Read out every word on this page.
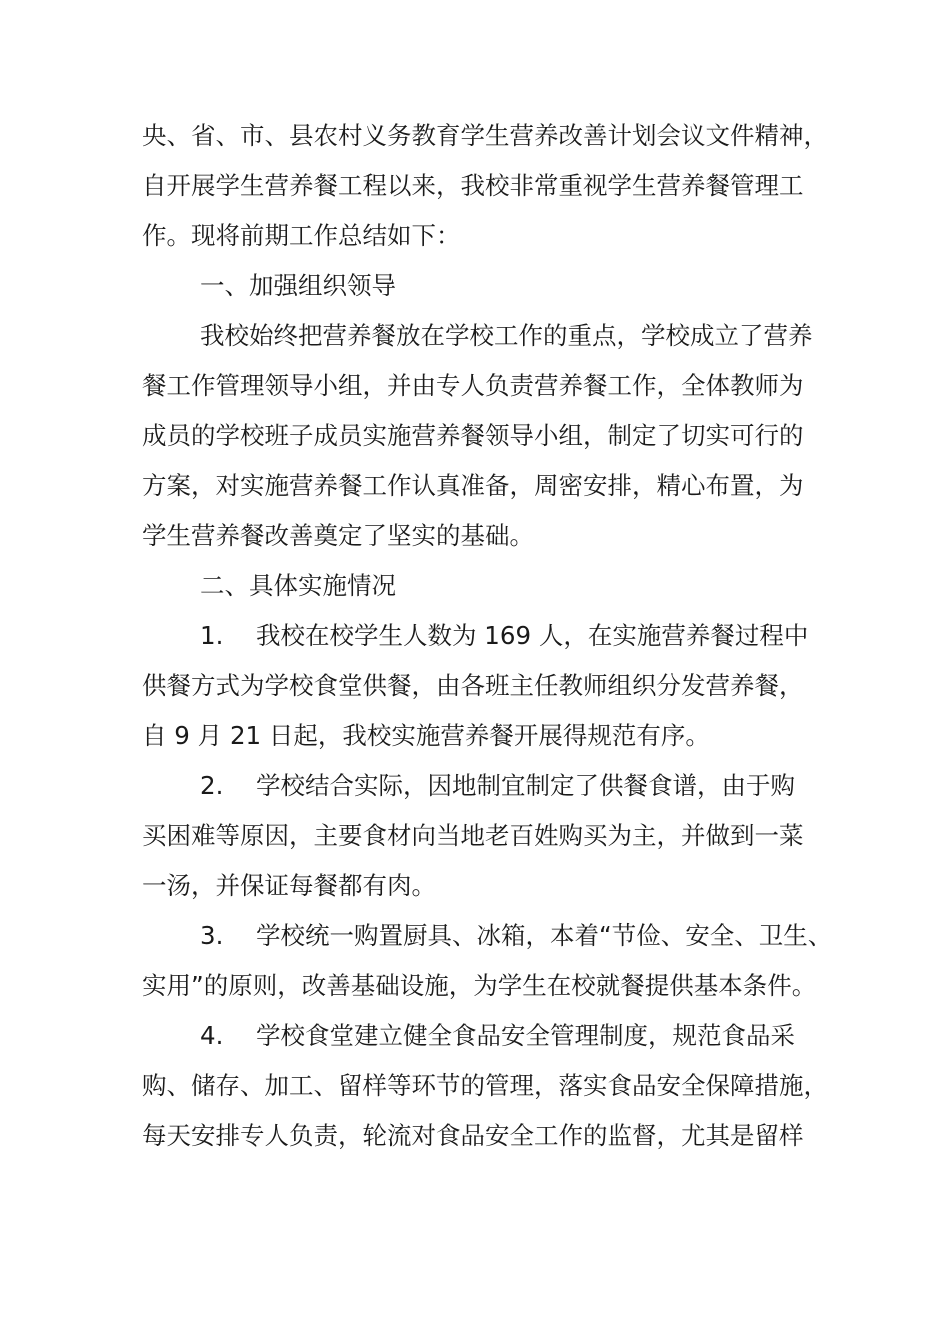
央、省、市、县农村义务教育学生营养改善计划会议文件精神，
自开展学生营养餐工程以来，我校非常重视学生营养餐管理工
作。现将前期工作总结如下：
一、加强组织领导
我校始终把营养餐放在学校工作的重点，学校成立了营养
餐工作管理领导小组，并由专人负责营养餐工作，全体教师为
成员的学校班子成员实施营养餐领导小组，制定了切实可行的
方案，对实施营养餐工作认真准备，周密安排，精心布置，为
学生营养餐改善奠定了坚实的基础。
二、具体实施情况
1. 我校在校学生人数为 169 人，在实施营养餐过程中
供餐方式为学校食堂供餐，由各班主任教师组织分发营养餐，
自 9 月 21 日起，我校实施营养餐开展得规范有序。
2. 学校结合实际，因地制宜制定了供餐食谱，由于购
买困难等原因，主要食材向当地老百姓购买为主，并做到一菜
一汤，并保证每餐都有肉。
3. 学校统一购置厨具、冰箱，本着“节俭、安全、卫生、
实用”的原则，改善基础设施，为学生在校就餐提供基本条件。
4. 学校食堂建立健全食品安全管理制度，规范食品采
购、储存、加工、留样等环节的管理，落实食品安全保障措施，
每天安排专人负责，轮流对食品安全工作的监督，尤其是留样
